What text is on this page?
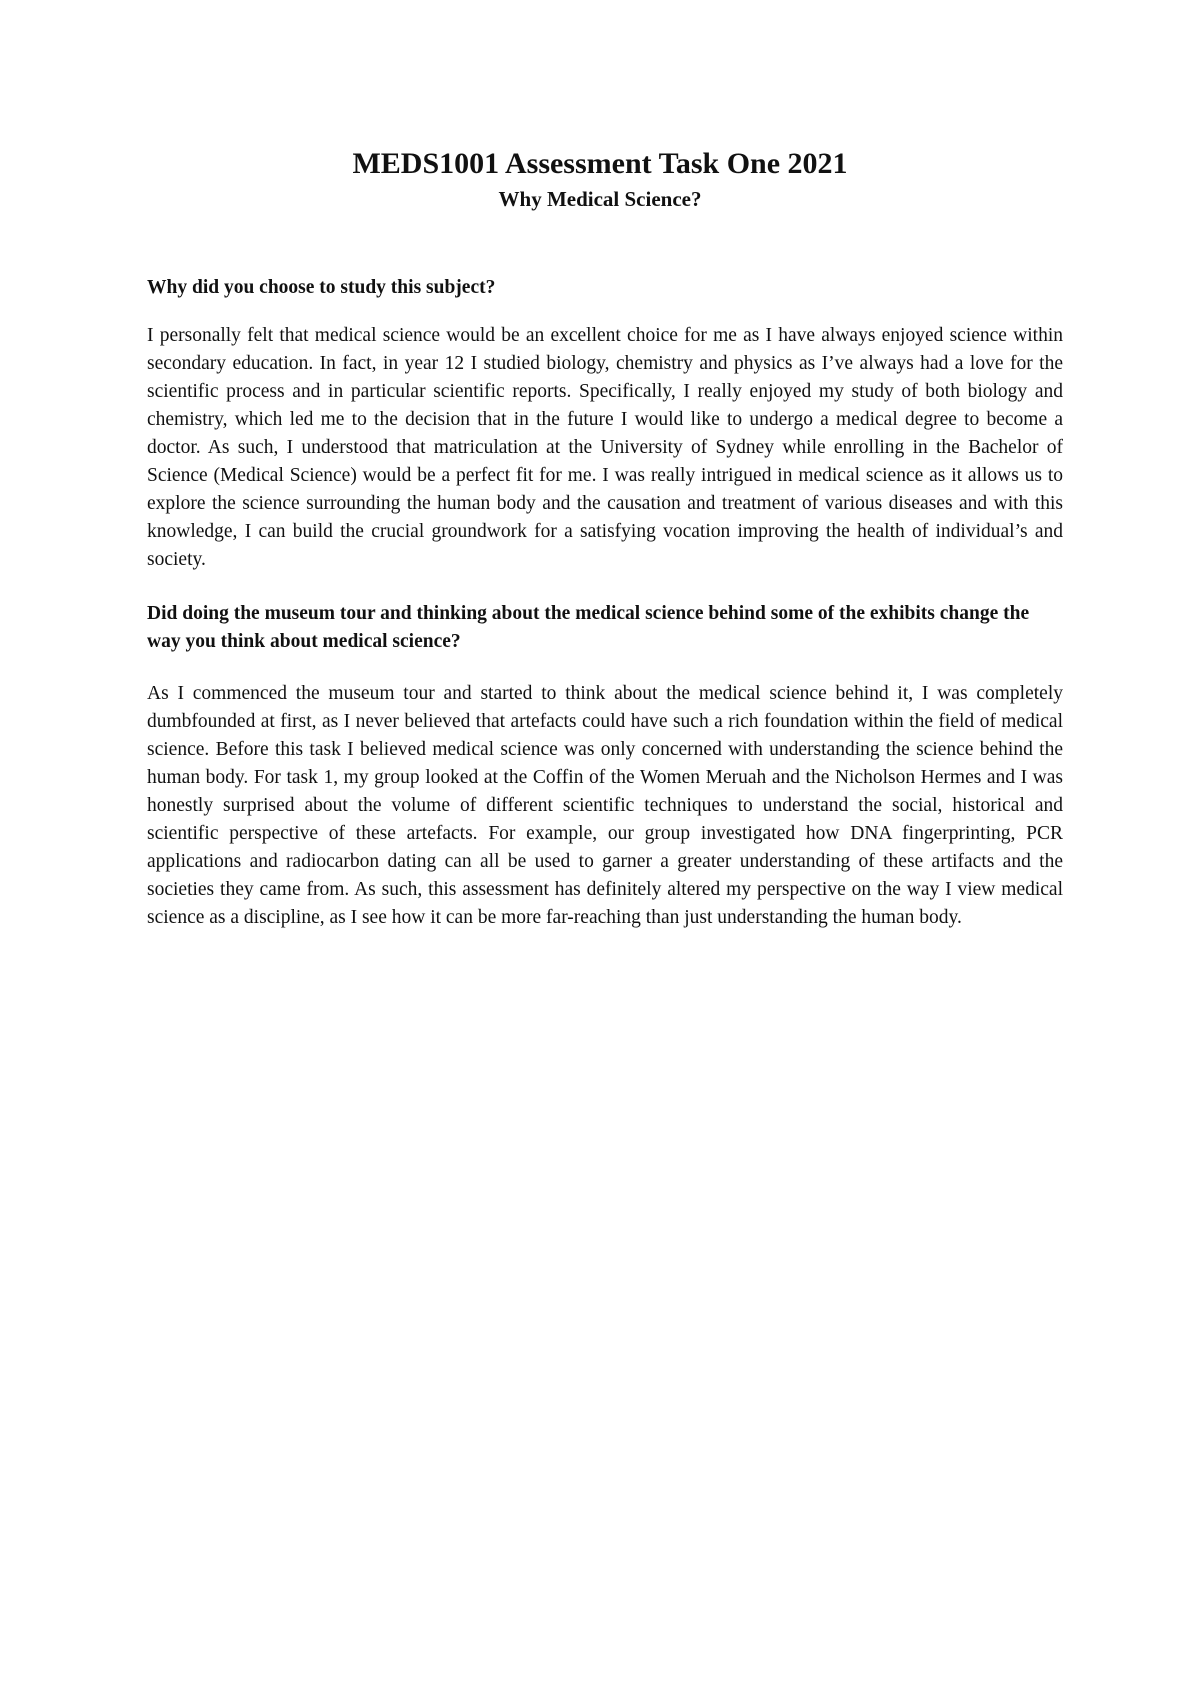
MEDS1001 Assessment Task One 2021
Why Medical Science?

Why did you choose to study this subject?

I personally felt that medical science would be an excellent choice for me as I have always enjoyed science within secondary education. In fact, in year 12 I studied biology, chemistry and physics as I’ve always had a love for the scientific process and in particular scientific reports. Specifically, I really enjoyed my study of both biology and chemistry, which led me to the decision that in the future I would like to undergo a medical degree to become a doctor. As such, I understood that matriculation at the University of Sydney while enrolling in the Bachelor of Science (Medical Science) would be a perfect fit for me. I was really intrigued in medical science as it allows us to explore the science surrounding the human body and the causation and treatment of various diseases and with this knowledge, I can build the crucial groundwork for a satisfying vocation improving the health of individual’s and society.

Did doing the museum tour and thinking about the medical science behind some of the exhibits change the way you think about medical science?

As I commenced the museum tour and started to think about the medical science behind it, I was completely dumbfounded at first, as I never believed that artefacts could have such a rich foundation within the field of medical science. Before this task I believed medical science was only concerned with understanding the science behind the human body. For task 1, my group looked at the Coffin of the Women Meruah and the Nicholson Hermes and I was honestly surprised about the volume of different scientific techniques to understand the social, historical and scientific perspective of these artefacts. For example, our group investigated how DNA fingerprinting, PCR applications and radiocarbon dating can all be used to garner a greater understanding of these artifacts and the societies they came from. As such, this assessment has definitely altered my perspective on the way I view medical science as a discipline, as I see how it can be more far-reaching than just understanding the human body.
